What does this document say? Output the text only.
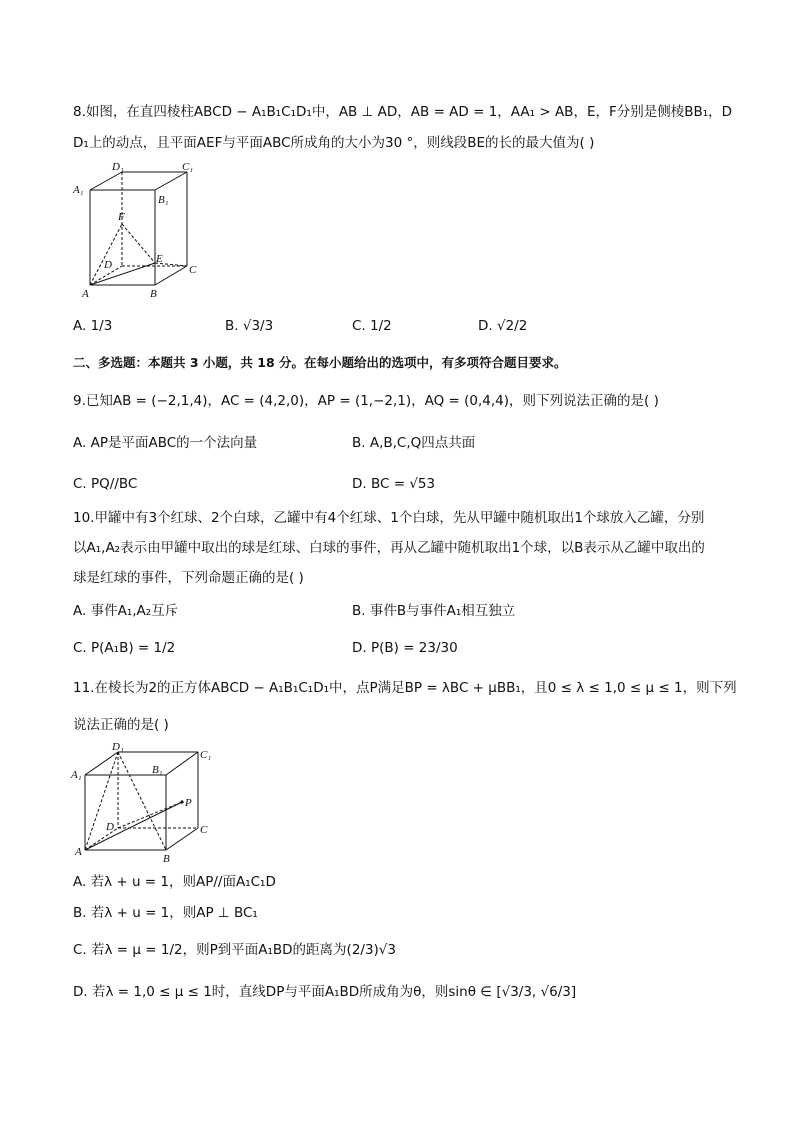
8.如图，在直四棱柱ABCD − A₁B₁C₁D₁中，AB ⊥ AD，AB = AD = 1，AA₁ > AB，E，F分别是侧棱BB₁，D
D₁上的动点，且平面AEF与平面ABC所成角的大小为30 °，则线段BE的长的最大值为( )
D₁	C₁
A₁
B₁
F
D	E
C
A	B
A. 1/3	B. √3/3	C. 1/2	D. √2/2
二、多选题：本题共 3 小题，共 18 分。在每小题给出的选项中，有多项符合题目要求。
9.已知AB = (−2,1,4)，AC = (4,2,0)，AP = (1,−2,1)，AQ = (0,4,4)，则下列说法正确的是( )
A. AP是平面ABC的一个法向量	B. A,B,C,Q四点共面
C. PQ//BC	D. BC = √53
10.甲罐中有3个红球、2个白球，乙罐中有4个红球、1个白球，先从甲罐中随机取出1个球放入乙罐，分别
以A₁,A₂表示由甲罐中取出的球是红球、白球的事件，再从乙罐中随机取出1个球，以B表示从乙罐中取出的
球是红球的事件，下列命题正确的是( )
A. 事件A₁,A₂互斥	B. 事件B与事件A₁相互独立
C. P(A₁B) = 1/2	D. P(B) = 23/30
11.在棱长为2的正方体ABCD − A₁B₁C₁D₁中，点P满足BP = λBC + μBB₁，且0 ≤ λ ≤ 1,0 ≤ μ ≤ 1，则下列
说法正确的是( )
D₁
C₁
A₁	B₁
P
D	C
A
B
A. 若λ + u = 1，则AP//面A₁C₁D
B. 若λ + u = 1，则AP ⊥ BC₁
C. 若λ = μ = 1/2，则P到平面A₁BD的距离为(2/3)√3
D. 若λ = 1,0 ≤ μ ≤ 1时，直线DP与平面A₁BD所成角为θ，则sinθ ∈ [√3/3, √6/3]
